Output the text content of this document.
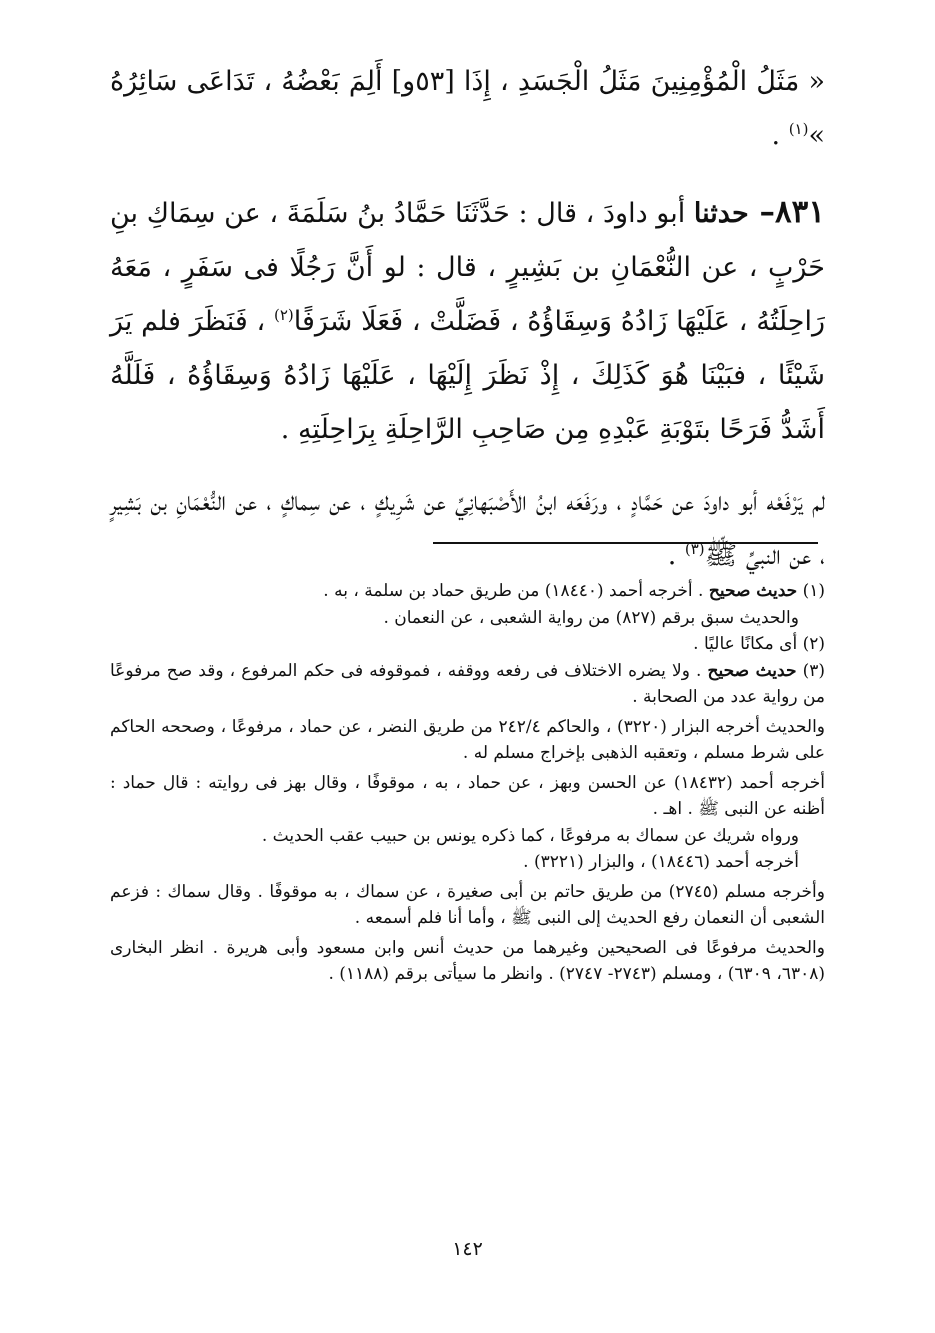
« مَثَلُ الْمُؤْمِنِينَ مَثَلُ الْجَسَدِ ، إِذَا [٥٣و] أَلِمَ بَعْضُهُ ، تَدَاعَى سَائِرُهُ »$^{(١)}$ .

٨٣١– حدثنا أبو داودَ ، قال : حَدَّثَنَا حَمَّادُ بنُ سَلَمَةَ ، عن سِمَاكِ بنِ حَرْبٍ ، عن النُّعْمَانِ بن بَشِيرٍ ، قال : لو أَنَّ رَجُلًا فى سَفَرٍ ، مَعَهُ رَاحِلَتُهُ ، عَلَيْهَا زَادُهُ وَسِقَاؤُهُ ، فَضَلَّتْ ، فَعَلَا شَرَفًا$^{(٢)}$ ، فَنَظَرَ فلم يَرَ شَيْئًا ، فبَيْنَا هُوَ كَذَلِكَ ، إِذْ نَظَرَ إِلَيْهَا ، عَلَيْهَا زَادُهُ وَسِقَاؤُهُ ، فَلَلَّهُ أَشَدُّ فَرَحًا بتَوْبَةِ عَبْدِهِ مِن صَاحِبِ الرَّاحِلَةِ بِرَاحِلَتِهِ .

لم يَرْفَعْه أبو داودَ عن حَمَّادٍ ، ورَفَعَه ابنُ الأَصْبَهانِيِّ عن شَرِيكٍ ، عن سِماكٍ ، عن النُّعْمَانِ بن بَشِيرٍ ، عن النبيِّ ﷺ$^{(٣)}$ .

(١) حديث صحيح . أخرجه أحمد (١٨٤٤٠) من طريق حماد بن سلمة ، به .

والحديث سبق برقم (٨٢٧) من رواية الشعبى ، عن النعمان .

(٢) أى مكانًا عاليًا .

(٣) حديث صحيح . ولا يضره الاختلاف فى رفعه ووقفه ، فموقوفه فى حكم المرفوع ، وقد صح مرفوعًا من رواية عدد من الصحابة .

والحديث أخرجه البزار (٣٢٢٠) ، والحاكم ٢٤٢/٤ من طريق النضر ، عن حماد ، مرفوعًا ، وصححه الحاكم على شرط مسلم ، وتعقبه الذهبى بإخراج مسلم له .

أخرجه أحمد (١٨٤٣٢) عن الحسن وبهز ، عن حماد ، به ، موقوفًا ، وقال بهز فى روايته : قال حماد : أظنه عن النبى ﷺ . اهـ .

ورواه شريك عن سماك به مرفوعًا ، كما ذكره يونس بن حبيب عقب الحديث .

أخرجه أحمد (١٨٤٤٦) ، والبزار (٣٢٢١) .

وأخرجه مسلم (٢٧٤٥) من طريق حاتم بن أبى صغيرة ، عن سماك ، به موقوفًا . وقال سماك : فزعم الشعبى أن النعمان رفع الحديث إلى النبى ﷺ ، وأما أنا فلم أسمعه .

والحديث مرفوعًا فى الصحيحين وغيرهما من حديث أنس وابن مسعود وأبى هريرة . انظر البخارى (٦٣٠٨، ٦٣٠٩) ، ومسلم (٢٧٤٣- ٢٧٤٧) . وانظر ما سيأتى برقم (١١٨٨) .

١٤٢
